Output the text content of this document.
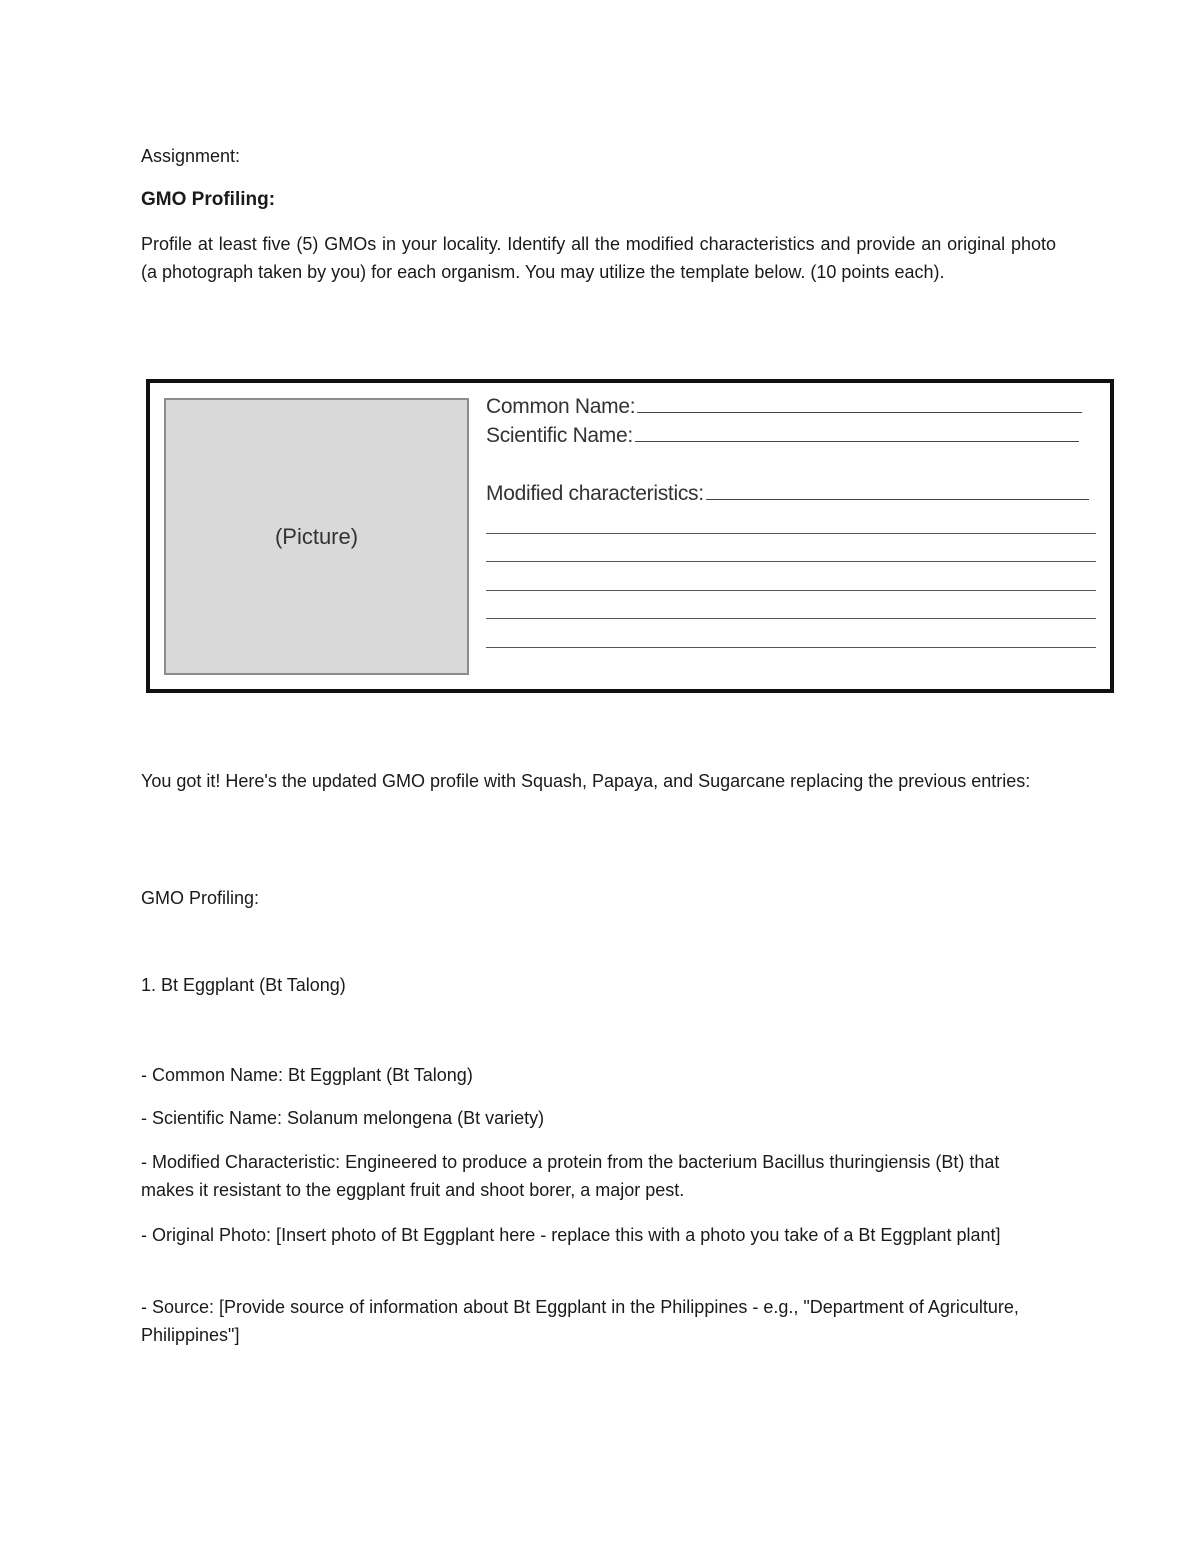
Assignment:
GMO Profiling:
Profile at least five (5) GMOs in your locality. Identify all the modified characteristics and provide an original photo (a photograph taken by you) for each organism. You may utilize the template below. (10 points each).
(Picture)
Common Name:
Scientific Name:
Modified characteristics:
You got it! Here's the updated GMO profile with Squash, Papaya, and Sugarcane replacing the previous entries:
GMO Profiling:
1. Bt Eggplant (Bt Talong)
- Common Name: Bt Eggplant (Bt Talong)
- Scientific Name: Solanum melongena (Bt variety)
- Modified Characteristic: Engineered to produce a protein from the bacterium Bacillus thuringiensis (Bt) that makes it resistant to the eggplant fruit and shoot borer, a major pest.
- Original Photo: [Insert photo of Bt Eggplant here - replace this with a photo you take of a Bt Eggplant plant]
- Source: [Provide source of information about Bt Eggplant in the Philippines - e.g., "Department of Agriculture, Philippines"]
